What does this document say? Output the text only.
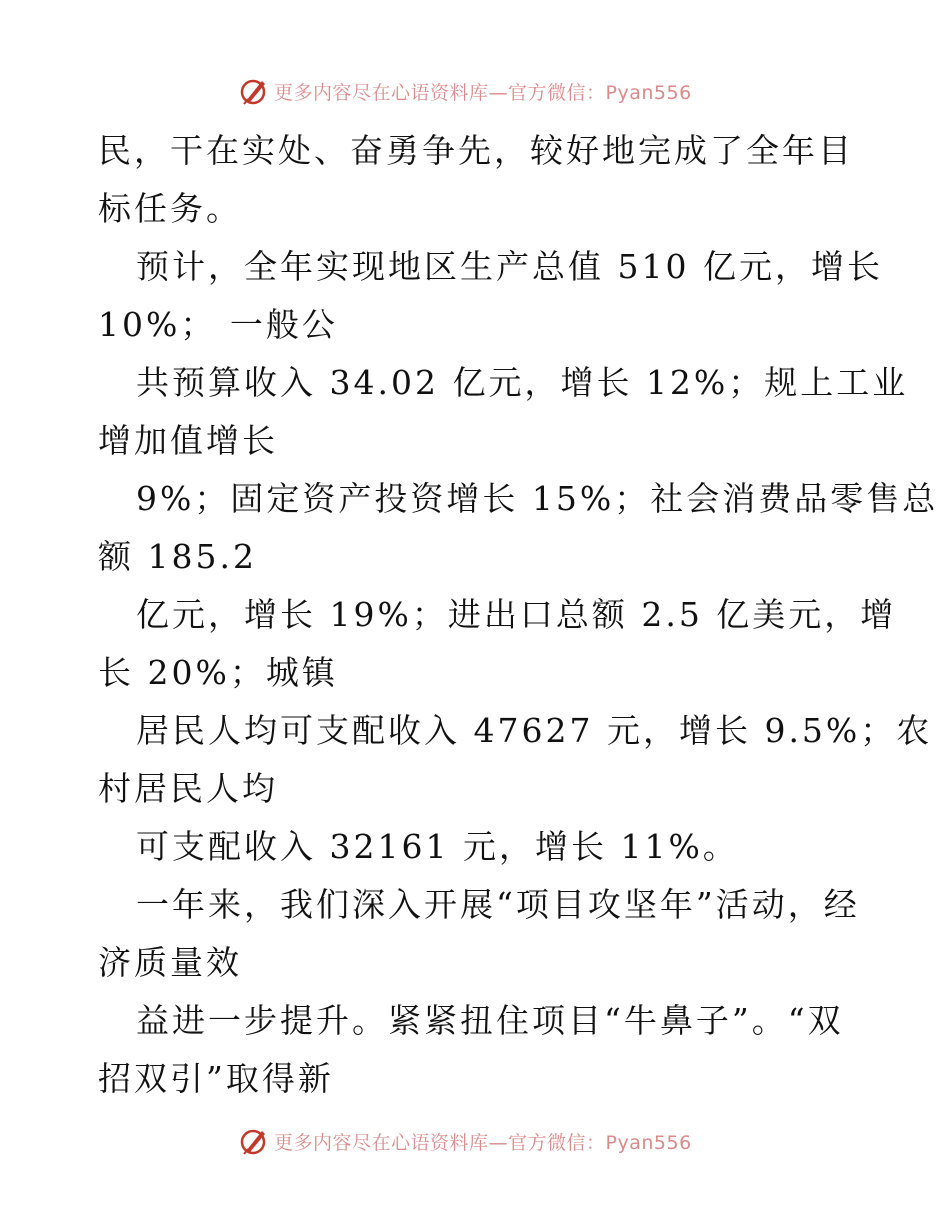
更多内容尽在心语资料库—官方微信：Pyan556
民，干在实处、奋勇争先，较好地完成了全年目
标任务。
预计，全年实现地区生产总值 510 亿元，增长
10%； 一般公
共预算收入 34.02 亿元，增长 12%；规上工业
增加值增长
9%；固定资产投资增长 15%；社会消费品零售总
额 185.2
亿元，增长 19%；进出口总额 2.5 亿美元，增
长 20%；城镇
居民人均可支配收入 47627 元，增长 9.5%；农
村居民人均
可支配收入 32161 元，增长 11%。
一年来，我们深入开展“项目攻坚年”活动，经
济质量效
益进一步提升。紧紧扭住项目“牛鼻子”。“双
招双引”取得新
更多内容尽在心语资料库—官方微信：Pyan556
